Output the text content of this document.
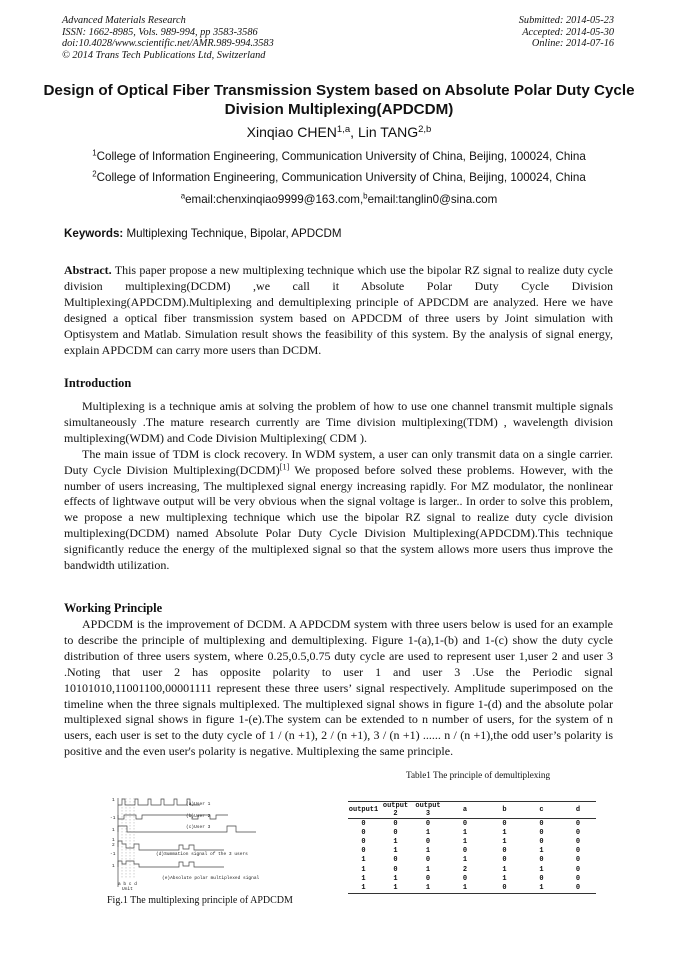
Advanced Materials Research
ISSN: 1662-8985, Vols. 989-994, pp 3583-3586
doi:10.4028/www.scientific.net/AMR.989-994.3583
© 2014 Trans Tech Publications Ltd, Switzerland
Submitted: 2014-05-23
Accepted: 2014-05-30
Online: 2014-07-16
Design of Optical Fiber Transmission System based on Absolute Polar Duty Cycle Division Multiplexing(APDCDM)
Xinqiao CHEN$^{1,a}$, Lin TANG$^{2,b}$
$^1$College of Information Engineering, Communication University of China, Beijing, 100024, China
$^2$College of Information Engineering, Communication University of China, Beijing, 100024, China
$^a$email:chenxinqiao9999@163.com,$^b$email:tanglin0@sina.com
Keywords: Multiplexing Technique, Bipolar, APDCDM

Abstract. This paper propose a new multiplexing technique which use the bipolar RZ signal to realize duty cycle division multiplexing(DCDM) ,we call it Absolute Polar Duty Cycle Division Multiplexing(APDCDM).Multiplexing and demultiplexing principle of APDCDM are analyzed. Here we have designed a optical fiber transmission system based on APDCDM of three users by Joint simulation with Optisystem and Matlab. Simulation result shows the feasibility of this system. By the analysis of signal energy, explain APDCDM can carry more users than DCDM.

Introduction

Multiplexing is a technique amis at solving the problem of how to use one channel transmit multiple signals simultaneously .The mature research currently are Time division multiplexing(TDM) , wavelength division multiplexing(WDM) and Code Division Multiplexing( CDM ).

The main issue of TDM is clock recovery. In WDM system, a user can only transmit data on a single carrier. Duty Cycle Division Multiplexing(DCDM)[1] We proposed before solved these problems. However, with the number of users increasing, The multiplexed signal energy increasing rapidly. For MZ modulator, the nonlinear effects of lightwave output will be very obvious when the signal voltage is larger.. In order to solve this problem, we propose a new multiplexing technique which use the bipolar RZ signal to realize duty cycle division multiplexing(DCDM) named Absolute Polar Duty Cycle Division Multiplexing(APDCDM).This technique significantly reduce the energy of the multiplexed signal so that the system allows more users thus improve the bandwidth utilization.

Working Principle

APDCDM is the improvement of DCDM. A APDCDM system with three users below is used for an example to describe the principle of multiplexing and demultiplexing. Figure 1-(a),1-(b) and 1-(c) show the duty cycle distribution of three users system, where 0.25,0.5,0.75 duty cycle are used to represent user 1,user 2 and user 3 .Noting that user 2 has opposite polarity to user 1 and user 3 .Use the Periodic signal 10101010,11001100,00001111 represent these three users’ signal respectively. Amplitude superimposed on the timeline when the three signals multiplexed. The multiplexed signal shows in figure 1-(d) and the absolute polar multiplexed signal shows in figure 1-(e).The system can be extended to n number of users, for the system of n users, each user is set to the duty cycle of 1 / (n +1), 2 / (n +1), 3 / (n +1) ...... n / (n +1),the odd user’s polarity is positive and the even user's polarity is negative. Multiplexing the same principle.

Table1 The principle of demultiplexing
output1	output 2	output 3	a	b	c	d
0	0	0	0	0	0	0
0	0	1	1	1	0	0
0	1	0	1	1	0	0
0	1	1	0	0	1	0
1	0	0	1	0	0	0
1	0	1	2	1	1	0
1	1	0	0	1	0	0
1	1	1	1	0	1	0
(a)User 1
(b)User 2
(c)User 3
(d)Summation signal of the 3 users
(e)Absolute polar multiplexed signal
1
-1
1
1
2
-1
1
a b c d
Unit
Fig.1 The multiplexing principle of APDCDM
